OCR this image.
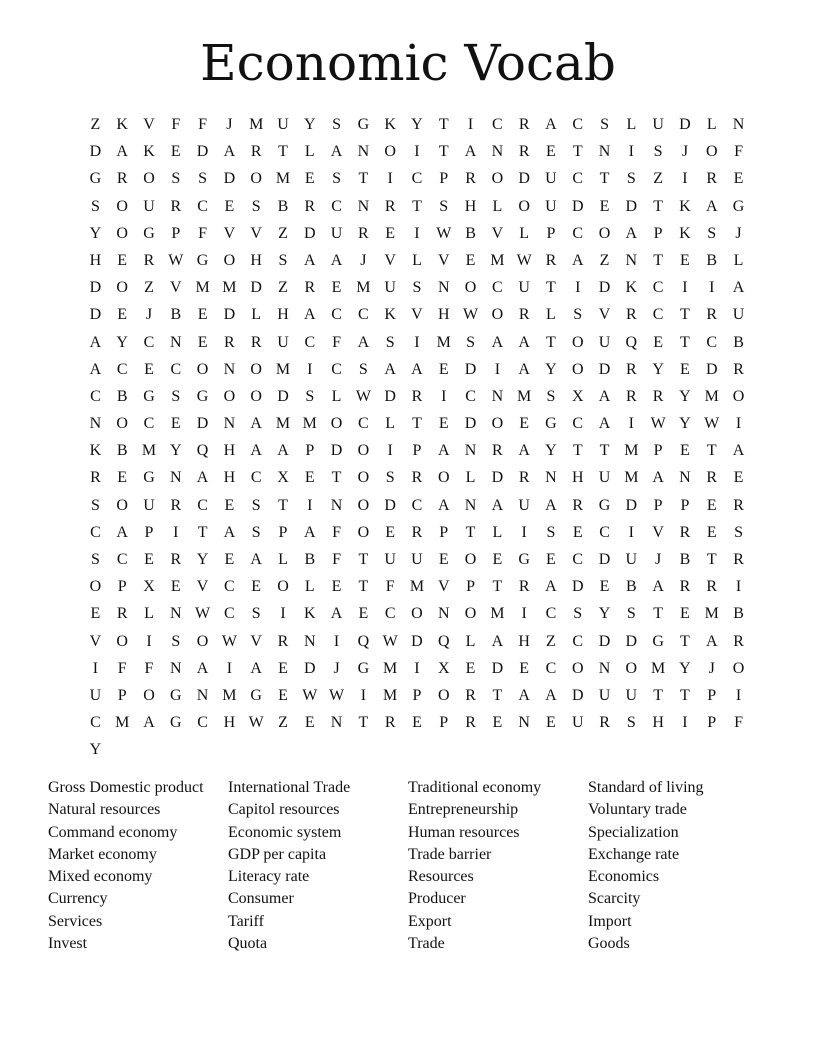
Economic Vocab
Z	K V	F	F	J	M U Y	S	G K Y	T	I	C	R A C	S	L	U D	L	N
D A K	E	D A R	T	L	A N O	I	T	A N R	E	T	N	I	S	J	O	F
G R O	S	S	D O M E	S	T	I	C	P	R O D U C	T	S	Z	I	R	E
S	O U R	C	E	S	B	R	C N R	T	S	H	L	O U D	E	D	T	K A G
Y O G	P	F	V V	Z	D U R	E	I	W B V	L	P	C O A	P	K	S	J
H	E	R W G O H	S	A A	J	V	L	V	E M W R A	Z	N	T	E	B	L
D O	Z	V M M D	Z	R	E M U	S	N O C U	T	I	D K C	I	I	A
D	E	J	B	E	D	L	H A C	C K V H W O R	L	S	V R	C	T	R U
A Y C N	E	R	R U C	F	A	S	I	M S	A A	T	O U Q	E	T	C	B
A C	E	C O N O M	I	C	S	A A	E	D	I	A Y O D R Y	E	D R
C	B G	S	G O O D	S	L W D R	I	C N M S	X A R	R Y M O
N O C	E	D N A M M O C	L	T	E	D O	E	G C A	I	W Y W	I
K B M Y Q H A A	P	D O	I	P	A N R A Y	T	T M P	E	T	A
R	E	G N A H C X	E	T	O	S	R O	L	D R N H U M A N R	E
S	O U R	C	E	S	T	I	N O D C A N A U A R G D	P	P	E	R
C A	P	I	T	A	S	P	A	F	O	E	R	P	T	L	I	S	E	C	I	V R	E	S
S	C	E	R Y	E	A	L	B	F	T	U U	E	O	E	G	E	C D U	J	B	T	R
O	P	X	E	V C	E	O	L	E	T	F M V	P	T	R A D	E	B A R	R	I
E	R	L	N W C	S	I	K A	E	C O N O M	I	C	S	Y	S	T	E M B
V O	I	S	O W V R N	I	Q W D Q	L	A H	Z	C D D G	T	A R
I	F	F	N A	I	A	E	D	J	G M	I	X	E	D	E	C O N O M Y	J	O
U	P	O G N M G	E W W	I	M P	O R	T	A A D U U	T	T	P	I
C M A G C H W Z	E	N	T	R	E	P	R	E	N	E	U R	S	H	I	P	F
Y
Gross Domestic product
Natural resources
Command economy
Market economy
Mixed economy
Currency
Services
Invest
International Trade
Capitol resources
Economic system
GDP per capita
Literacy rate
Consumer
Tariff
Quota
Traditional economy
Entrepreneurship
Human resources
Trade barrier
Resources
Producer
Export
Trade
Standard of living
Voluntary trade
Specialization
Exchange rate
Economics
Scarcity
Import
Goods
